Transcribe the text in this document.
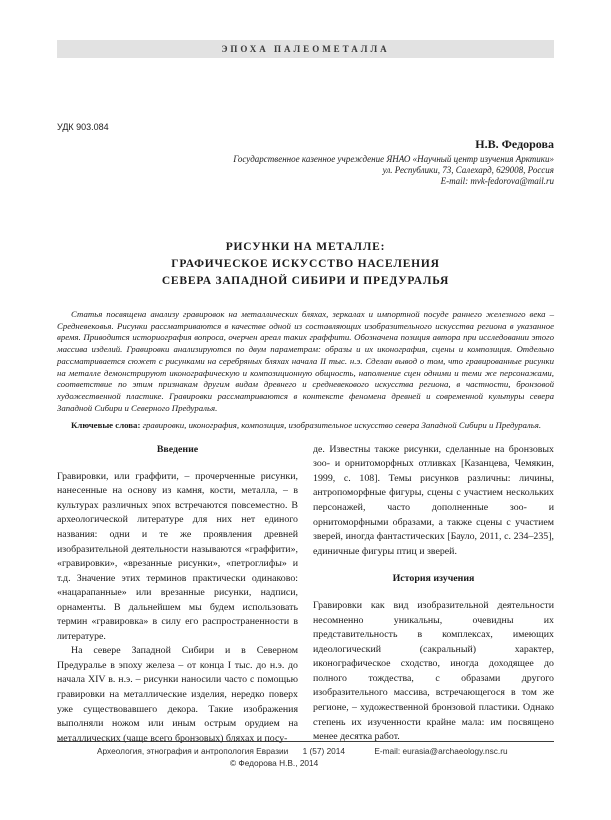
ЭПОХА ПАЛЕОМЕТАЛЛА
УДК 903.084
Н.В. Федорова
Государственное казенное учреждение ЯНАО «Научный центр изучения Арктики»
ул. Республики, 73, Салехард, 629008, Россия
E-mail: mvk-fedorova@mail.ru
РИСУНКИ НА МЕТАЛЛЕ:
ГРАФИЧЕСКОЕ ИСКУССТВО НАСЕЛЕНИЯ
СЕВЕРА ЗАПАДНОЙ СИБИРИ И ПРЕДУРАЛЬЯ

Статья посвящена анализу гравировок на металлических бляхах, зеркалах и импортной посуде раннего железного века – Средневековья. Рисунки рассматриваются в качестве одной из составляющих изобразительного искусства региона в указанное время. Приводится историография вопроса, очерчен ареал таких граффити. Обозначена позиция автора при исследовании этого массива изделий. Гравировки анализируются по двум параметрам: образы и их иконография, сцены и композиция. Отдельно рассматривается сюжет с рисунками на серебряных бляхах начала II тыс. н.э. Сделан вывод о том, что гравированные рисунки на металле демонстрируют иконографическую и композиционную общность, наполнение сцен одними и теми же персонажами, соответствие по этим признакам другим видам древнего и средневекового искусства региона, в частности, бронзовой художественной пластике. Гравировки рассматриваются в контексте феномена древней и современной культуры севера Западной Сибири и Северного Предуралья.

Ключевые слова: гравировки, иконография, композиция, изобразительное искусство севера Западной Сибири и Предуралья.

Введение

Гравировки, или граффити, – прочерченные рисунки, нанесенные на основу из камня, кости, металла, – в культурах различных эпох встречаются повсеместно. В археологической литературе для них нет единого названия: одни и те же проявления древней изобразительной деятельности называются «граффити», «гравировки», «врезанные рисунки», «петроглифы» и т.д. Значение этих терминов практически одинаково: «нацарапанные» или врезанные рисунки, надписи, орнаменты. В дальнейшем мы будем использовать термин «гравировка» в силу его распространенности в литературе.

На севере Западной Сибири и в Северном Предуралье в эпоху железа – от конца I тыс. до н.э. до начала XIV в. н.э. – рисунки наносили часто с помощью гравировки на металлические изделия, нередко поверх уже существовавшего декора. Такие изображения выполняли ножом или иным острым орудием на металлических (чаще всего бронзовых) бляхах и посу-

де. Известны также рисунки, сделанные на бронзовых зоо- и орнитоморфных отливках [Казанцева, Чемякин, 1999, с. 108]. Темы рисунков различны: личины, антропоморфные фигуры, сцены с участием нескольких персонажей, часто дополненные зоо- и орнитоморфными образами, а также сцены с участием зверей, иногда фантастических [Бауло, 2011, с. 234–235], единичные фигуры птиц и зверей.

История изучения

Гравировки как вид изобразительной деятельности несомненно уникальны, очевидны их представительность в комплексах, имеющих идеологический (сакральный) характер, иконографическое сходство, иногда доходящее до полного тождества, с образами другого изобразительного массива, встречающегося в том же регионе, – художественной бронзовой пластики. Однако степень их изученности крайне мала: им посвящено менее десятка работ.

Археология, этнография и антропология Евразии 1 (57) 2014	E-mail: eurasia@archaeology.nsc.ru
© Федорова Н.В., 2014
